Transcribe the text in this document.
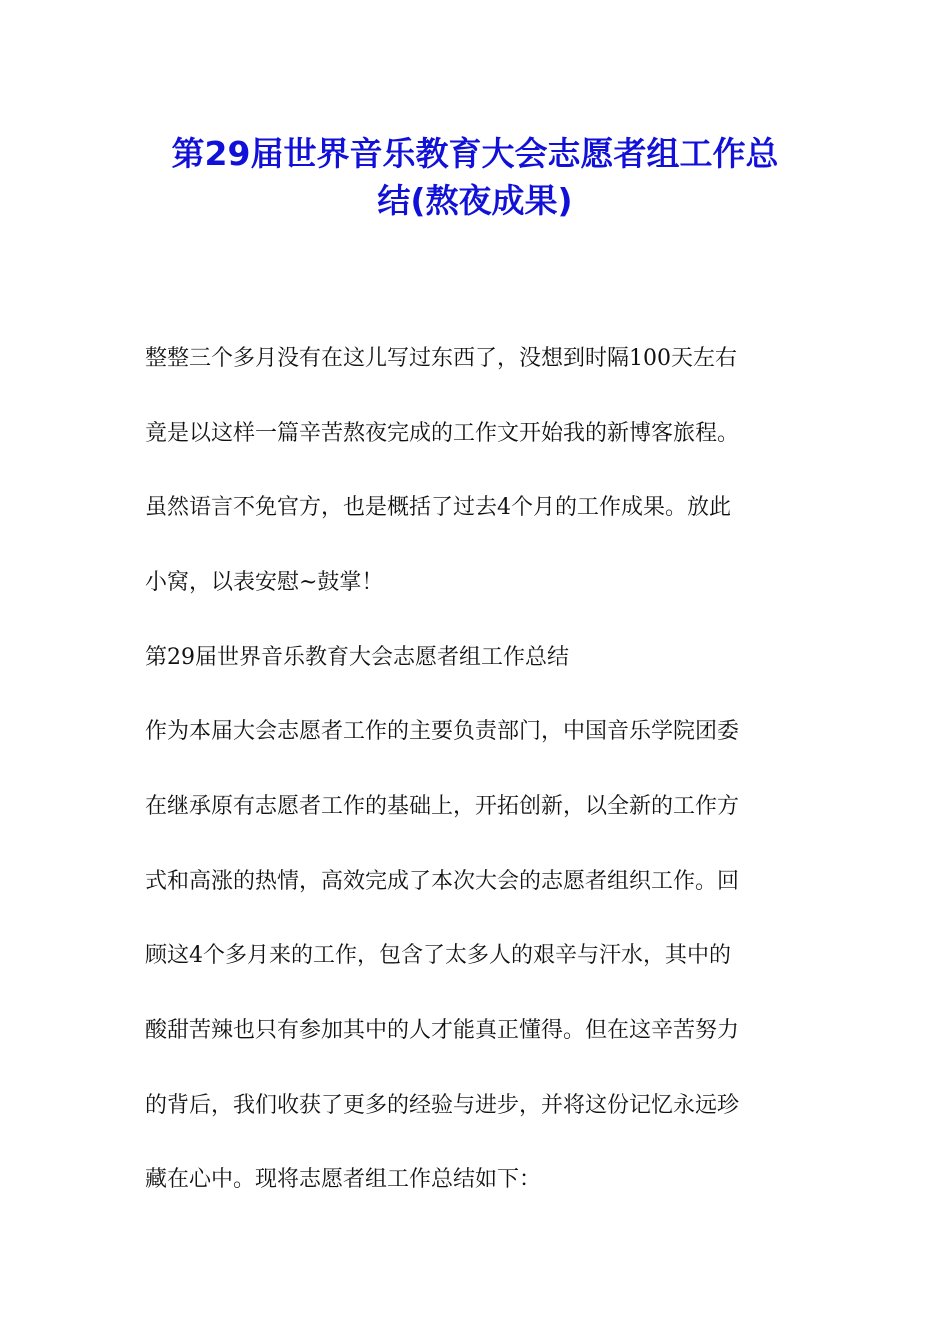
第29届世界音乐教育大会志愿者组工作总
结(熬夜成果)
整整三个多月没有在这儿写过东西了，没想到时隔100天左右
竟是以这样一篇辛苦熬夜完成的工作文开始我的新博客旅程。
虽然语言不免官方，也是概括了过去4个月的工作成果。放此
小窝，以表安慰~鼓掌！
第29届世界音乐教育大会志愿者组工作总结
作为本届大会志愿者工作的主要负责部门，中国音乐学院团委
在继承原有志愿者工作的基础上，开拓创新，以全新的工作方
式和高涨的热情，高效完成了本次大会的志愿者组织工作。回
顾这4个多月来的工作，包含了太多人的艰辛与汗水，其中的
酸甜苦辣也只有参加其中的人才能真正懂得。但在这辛苦努力
的背后，我们收获了更多的经验与进步，并将这份记忆永远珍
藏在心中。现将志愿者组工作总结如下：
